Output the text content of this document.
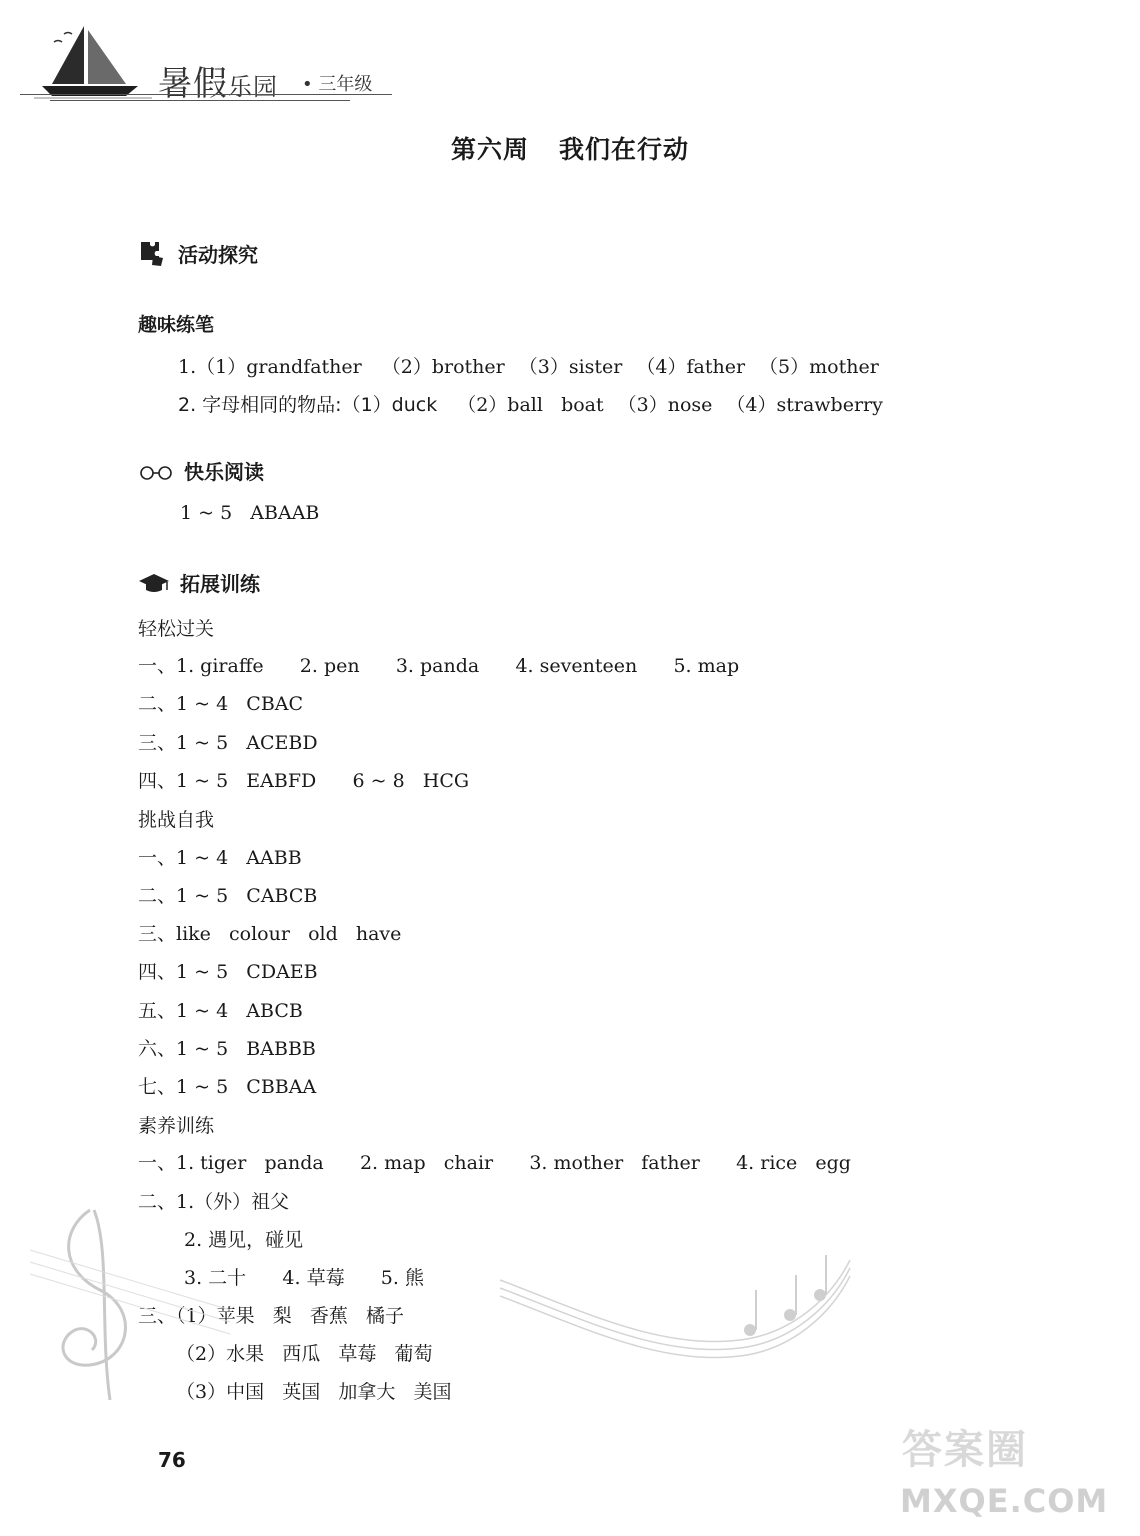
暑假乐园 • 三年级
第六周 我们在行动
活动探究
趣味练笔
1.（1）grandfather （2）brother （3）sister （4）father （5）mother
2. 字母相同的物品:（1）duck （2）ball   boat （3）nose （4）strawberry
快乐阅读
1 ~ 5   ABAAB
拓展训练
轻松过关
一、1. giraffe      2. pen      3. panda      4. seventeen      5. map
二、1 ~ 4   CBAC
三、1 ~ 5   ACEBD
四、1 ~ 5   EABFD      6 ~ 8   HCG
挑战自我
一、1 ~ 4   AABB
二、1 ~ 5   CABCB
三、like   colour   old   have
四、1 ~ 5   CDAEB
五、1 ~ 4   ABCB
六、1 ~ 5   BABBB
七、1 ~ 5   CBBAA
素养训练
一、1. tiger   panda      2. map   chair      3. mother   father      4. rice   egg
二、1.（外）祖父
2. 遇见，碰见
3. 二十      4. 草莓      5. 熊
三、（1）苹果   梨   香蕉   橘子
（2）水果   西瓜   草莓   葡萄
（3）中国   英国   加拿大   美国
76	答案圈
MXQE.COM
